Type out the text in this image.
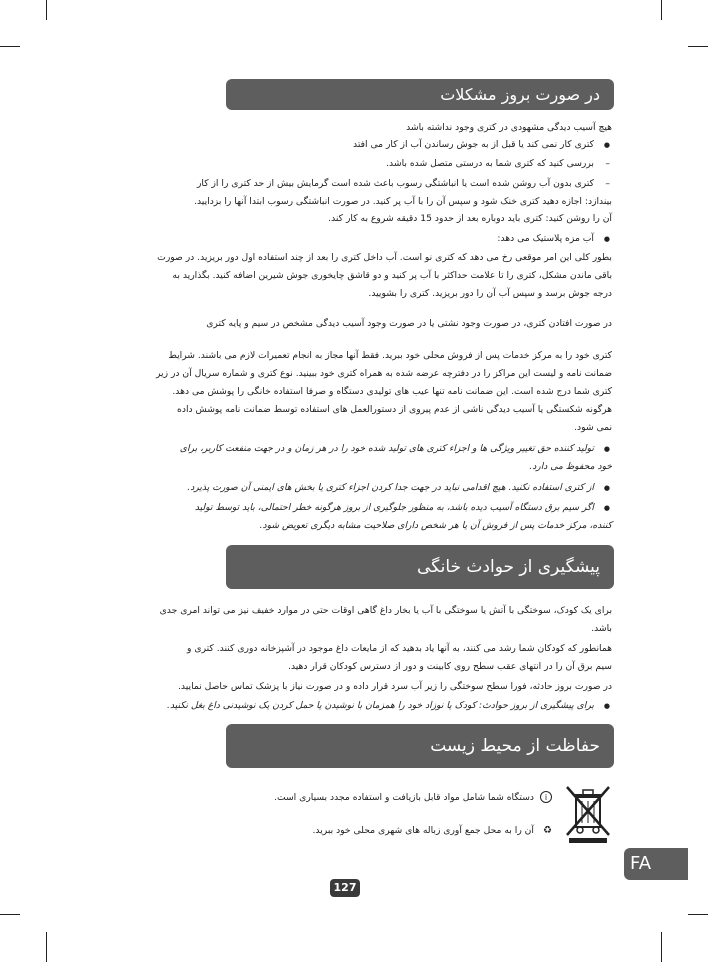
در صورت بروز مشکلات

هیچ آسیب دیدگی مشهودی در کتری وجود نداشته باشد

● کتری کار نمی کند یا قبل از به جوش رساندن آب از کار می افتد

– بررسی کنید که کتری شما به درستی متصل شده باشد.

– کتری بدون آب روشن شده است یا انباشتگی رسوب باعث شده است گرمایش بیش از حد کتری را از کار

بیندازد: اجازه دهید کتری خنک شود و سپس آن را با آب پر کنید. در صورت انباشتگی رسوب ابتدا آنها را بزدایید.

آن را روشن کنید: کتری باید دوباره بعد از حدود 15 دقیقه شروع به کار کند.

● آب مزه پلاستیک می دهد:

بطور کلی این امر موقعی رخ می دهد که کتری نو است. آب داخل کتری را بعد از چند استفاده اول دور بریزید. در صورت

باقی ماندن مشکل، کتری را تا علامت حداکثر با آب پر کنید و دو قاشق چایخوری جوش شیرین اضافه کنید. بگذارید به

درجه جوش برسد و سپس آب آن را دور بریزید. کتری را بشویید.

در صورت افتادن کتری، در صورت وجود نشتی یا در صورت وجود آسیب دیدگی مشخص در سیم و پایه کتری

کتری خود را به مرکز خدمات پس از فروش محلی خود ببرید. فقط آنها مجاز به انجام تعمیرات لازم می باشند. شرایط

ضمانت نامه و لیست این مراکز را در دفترچه عرضه شده به همراه کتری خود ببینید. نوع کتری و شماره سریال آن در زیر

کتری شما درج شده است. این ضمانت نامه تنها عیب های تولیدی دستگاه و صرفا استفاده خانگی را پوشش می دهد.

هرگونه شکستگی یا آسیب دیدگی ناشی از عدم پیروی از دستورالعمل های استفاده توسط ضمانت نامه پوشش داده

نمی شود.

● تولید کننده حق تغییر ویژگی ها و اجزاء کتری های تولید شده خود را در هر زمان و در جهت منفعت کاربر، برای

خود محفوظ می دارد.

● از کتری استفاده نکنید. هیچ اقدامی نباید در جهت جدا کردن اجزاء کتری یا بخش های ایمنی آن صورت پذیرد.

● اگر سیم برق دستگاه آسیب دیده باشد، به منظور جلوگیری از بروز هرگونه خطر احتمالی، باید توسط تولید

کننده، مرکز خدمات پس از فروش آن یا هر شخص دارای صلاحیت مشابه دیگری تعویض شود.

پیشگیری از حوادث خانگی

برای یک کودک، سوختگی با آتش یا سوختگی با آب یا بخار داغ گاهی اوقات حتی در موارد خفیف نیز می تواند امری جدی

باشد.

همانطور که کودکان شما رشد می کنند، به آنها یاد بدهید که از مایعات داغ موجود در آشپزخانه دوری کنند. کتری و

سیم برق آن را در انتهای عقب سطح روی کابینت و دور از دسترس کودکان قرار دهید.

در صورت بروز حادثه، فورا سطح سوختگی را زیر آب سرد قرار داده و در صورت نیاز با پزشک تماس حاصل نمایید.

● برای پیشگیری از بروز حوادث: کودک یا نوزاد خود را همزمان با نوشیدن یا حمل کردن یک نوشیدنی داغ بغل نکنید.

حفاظت از محیط زیست

i
دستگاه شما شامل مواد قابل بازیافت و استفاده مجدد بسیاری است.

♻
آن را به محل جمع آوری زباله های شهری محلی خود ببرید.

FA
127
